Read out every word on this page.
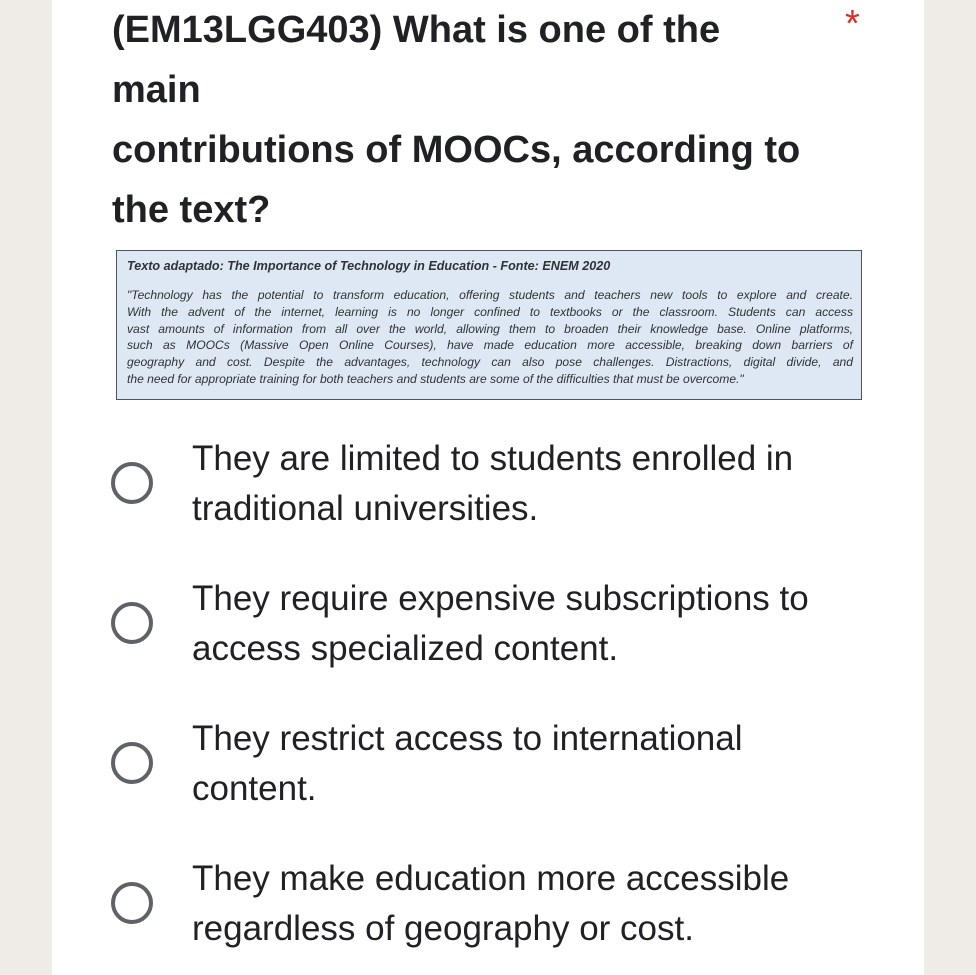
(EM13LGG403) What is one of the main
contributions of MOOCs, according to
the text?
*

Texto adaptado: The Importance of Technology in Education - Fonte: ENEM 2020

"Technology has the potential to transform education, offering students and teachers new tools to explore and create.
With the advent of the internet, learning is no longer confined to textbooks or the classroom. Students can access
vast amounts of information from all over the world, allowing them to broaden their knowledge base. Online platforms,
such as MOOCs (Massive Open Online Courses), have made education more accessible, breaking down barriers of
geography and cost. Despite the advantages, technology can also pose challenges. Distractions, digital divide, and
the need for appropriate training for both teachers and students are some of the difficulties that must be overcome."

They are limited to students enrolled in
traditional universities.
They require expensive subscriptions to
access specialized content.
They restrict access to international
content.
They make education more accessible
regardless of geography or cost.
